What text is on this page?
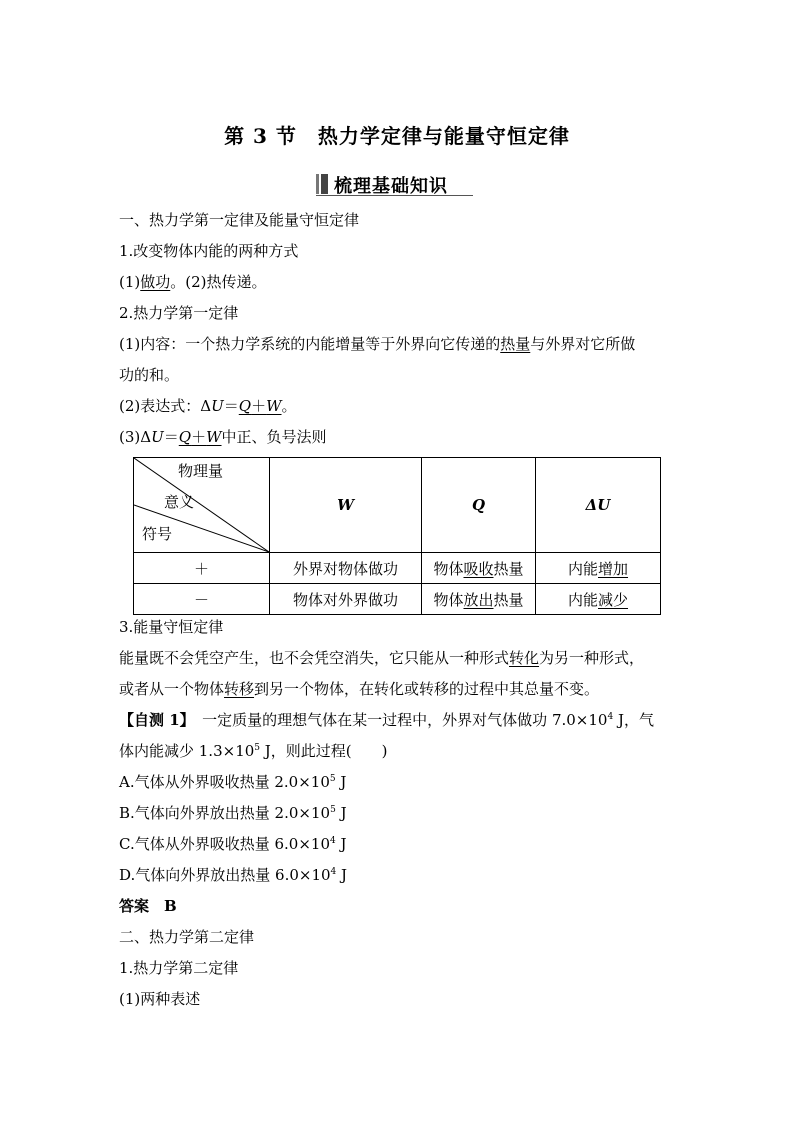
第 3 节　热力学定律与能量守恒定律
梳理基础知识
一、热力学第一定律及能量守恒定律
1.改变物体内能的两种方式
(1)做功。(2)热传递。
2.热力学第一定律
(1)内容：一个热力学系统的内能增量等于外界向它传递的热量与外界对它所做
功的和。
(2)表达式：ΔU＝Q＋W。
(3)ΔU＝Q＋W中正、负号法则
物理量
意义
符号	W	Q	ΔU
＋	外界对物体做功	物体吸收热量	内能增加
－	物体对外界做功	物体放出热量	内能减少
3.能量守恒定律
能量既不会凭空产生，也不会凭空消失，它只能从一种形式转化为另一种形式，
或者从一个物体转移到另一个物体，在转化或转移的过程中其总量不变。
【自测 1】　一定质量的理想气体在某一过程中，外界对气体做功 $7.0\times 10^4$ J，气
体内能减少 $1.3\times 10^5$ J，则此过程(　　)
A.气体从外界吸收热量 $2.0\times 10^5$ J
B.气体向外界放出热量 $2.0\times 10^5$ J
C.气体从外界吸收热量 $6.0\times 10^4$ J
D.气体向外界放出热量 $6.0\times 10^4$ J
答案　B
二、热力学第二定律
1.热力学第二定律
(1)两种表述
